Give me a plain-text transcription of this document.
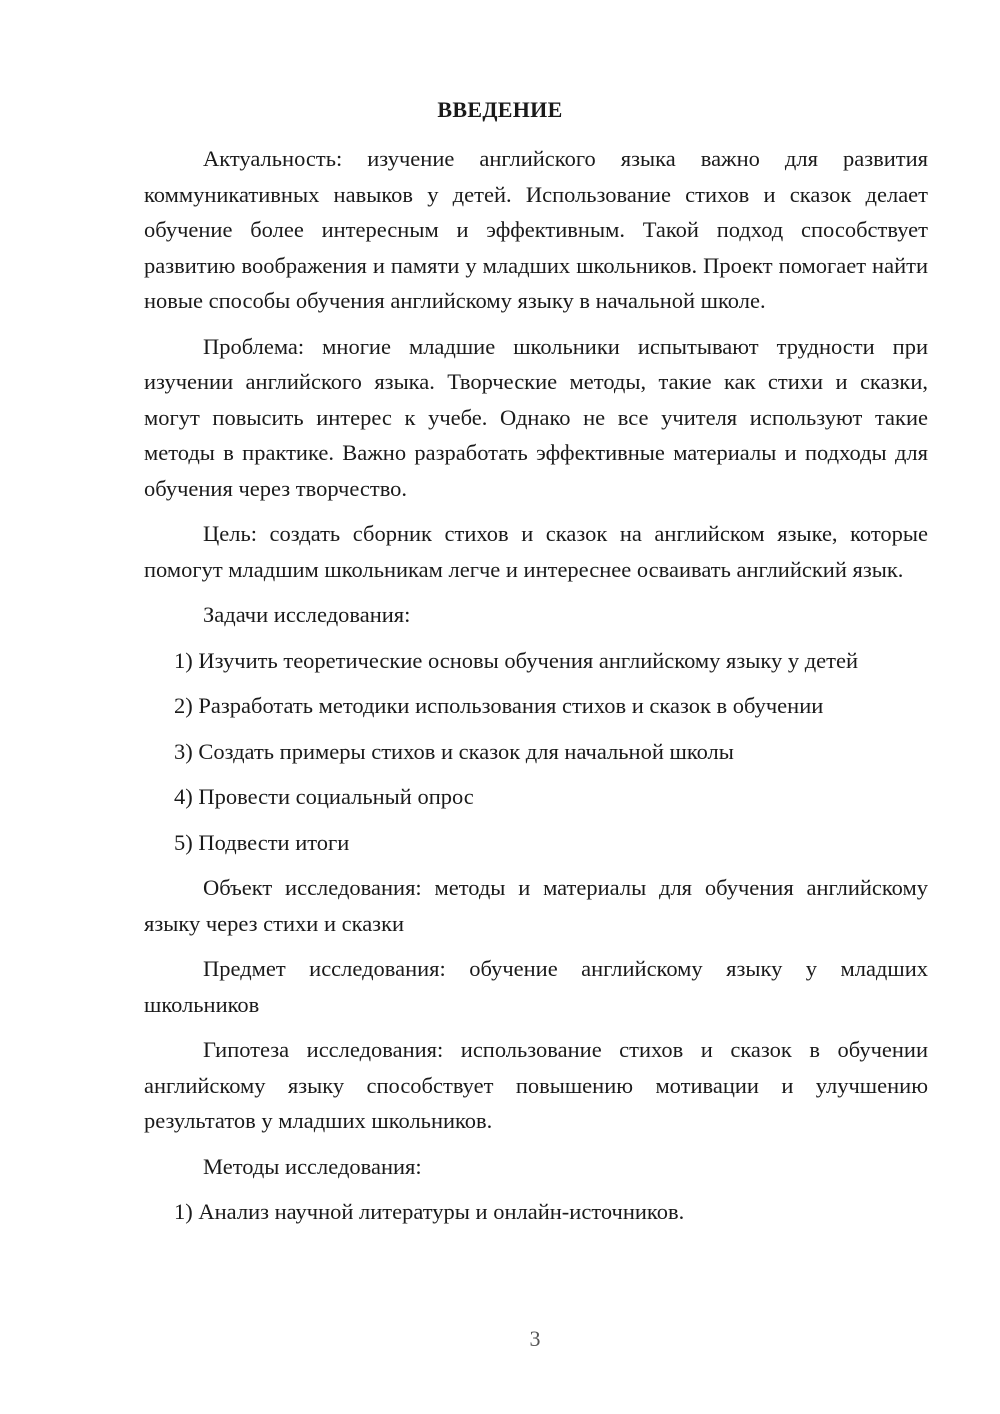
ВВЕДЕНИЕ

Актуальность: изучение английского языка важно для развития коммуникативных навыков у детей. Использование стихов и сказок делает обучение более интересным и эффективным. Такой подход способствует развитию воображения и памяти у младших школьников. Проект помогает найти новые способы обучения английскому языку в начальной школе.

Проблема: многие младшие школьники испытывают трудности при изучении английского языка. Творческие методы, такие как стихи и сказки, могут повысить интерес к учебе. Однако не все учителя используют такие методы в практике. Важно разработать эффективные материалы и подходы для обучения через творчество.

Цель: создать сборник стихов и сказок на английском языке, которые помогут младшим школьникам легче и интереснее осваивать английский язык.

Задачи исследования:

1) Изучить теоретические основы обучения английскому языку у детей

2) Разработать методики использования стихов и сказок в обучении

3) Создать примеры стихов и сказок для начальной школы

4) Провести социальный опрос

5) Подвести итоги

Объект исследования: методы и материалы для обучения английскому языку через стихи и сказки

Предмет исследования: обучение английскому языку у младших школьников

Гипотеза исследования: использование стихов и сказок в обучении английскому языку способствует повышению мотивации и улучшению результатов у младших школьников.

Методы исследования:

1) Анализ научной литературы и онлайн-источников.

3
